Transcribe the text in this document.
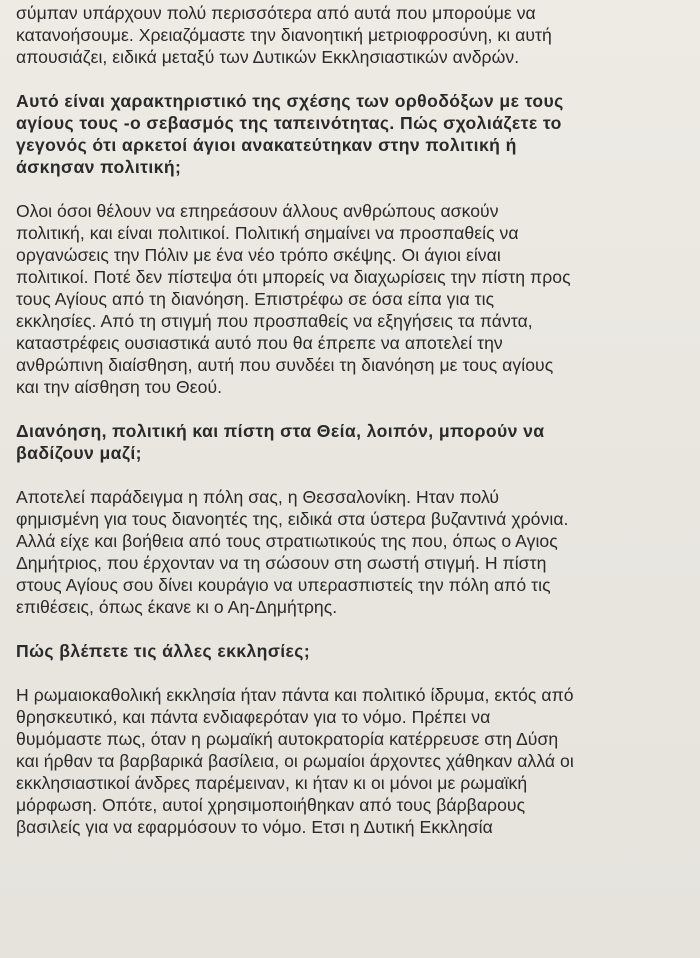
σύμπαν υπάρχουν πολύ περισσότερα από αυτά που μπορούμε να
κατανοήσουμε. Χρειαζόμαστε την διανοητική μετριοφροσύνη, κι αυτή
απουσιάζει, ειδικά μεταξύ των Δυτικών Εκκλησιαστικών ανδρών.

Αυτό είναι χαρακτηριστικό της σχέσης των ορθοδόξων με τους
αγίους τους -ο σεβασμός της ταπεινότητας. Πώς σχολιάζετε το
γεγονός ότι αρκετοί άγιοι ανακατεύτηκαν στην πολιτική ή
άσκησαν πολιτική;

Ολοι όσοι θέλουν να επηρεάσουν άλλους ανθρώπους ασκούν
πολιτική, και είναι πολιτικοί. Πολιτική σημαίνει να προσπαθείς να
οργανώσεις την Πόλιν με ένα νέο τρόπο σκέψης. Οι άγιοι είναι
πολιτικοί. Ποτέ δεν πίστεψα ότι μπορείς να διαχωρίσεις την πίστη προς
τους Αγίους από τη διανόηση. Επιστρέφω σε όσα είπα για τις
εκκλησίες. Από τη στιγμή που προσπαθείς να εξηγήσεις τα πάντα,
καταστρέφεις ουσιαστικά αυτό που θα έπρεπε να αποτελεί την
ανθρώπινη διαίσθηση, αυτή που συνδέει τη διανόηση με τους αγίους
και την αίσθηση του Θεού.

Διανόηση, πολιτική και πίστη στα Θεία, λοιπόν, μπορούν να
βαδίζουν μαζί;

Αποτελεί παράδειγμα η πόλη σας, η Θεσσαλονίκη. Ηταν πολύ
φημισμένη για τους διανοητές της, ειδικά στα ύστερα βυζαντινά χρόνια.
Αλλά είχε και βοήθεια από τους στρατιωτικούς της που, όπως ο Αγιος
Δημήτριος, που έρχονταν να τη σώσουν στη σωστή στιγμή. Η πίστη
στους Αγίους σου δίνει κουράγιο να υπερασπιστείς την πόλη από τις
επιθέσεις, όπως έκανε κι ο Αη-Δημήτρης.

Πώς βλέπετε τις άλλες εκκλησίες;

Η ρωμαιοκαθολική εκκλησία ήταν πάντα και πολιτικό ίδρυμα, εκτός από
θρησκευτικό, και πάντα ενδιαφερόταν για το νόμο. Πρέπει να
θυμόμαστε πως, όταν η ρωμαϊκή αυτοκρατορία κατέρρευσε στη Δύση
και ήρθαν τα βαρβαρικά βασίλεια, οι ρωμαίοι άρχοντες χάθηκαν αλλά οι
εκκλησιαστικοί άνδρες παρέμειναν, κι ήταν κι οι μόνοι με ρωμαϊκή
μόρφωση. Οπότε, αυτοί χρησιμοποιήθηκαν από τους βάρβαρους
βασιλείς για να εφαρμόσουν το νόμο. Ετσι η Δυτική Εκκλησία
